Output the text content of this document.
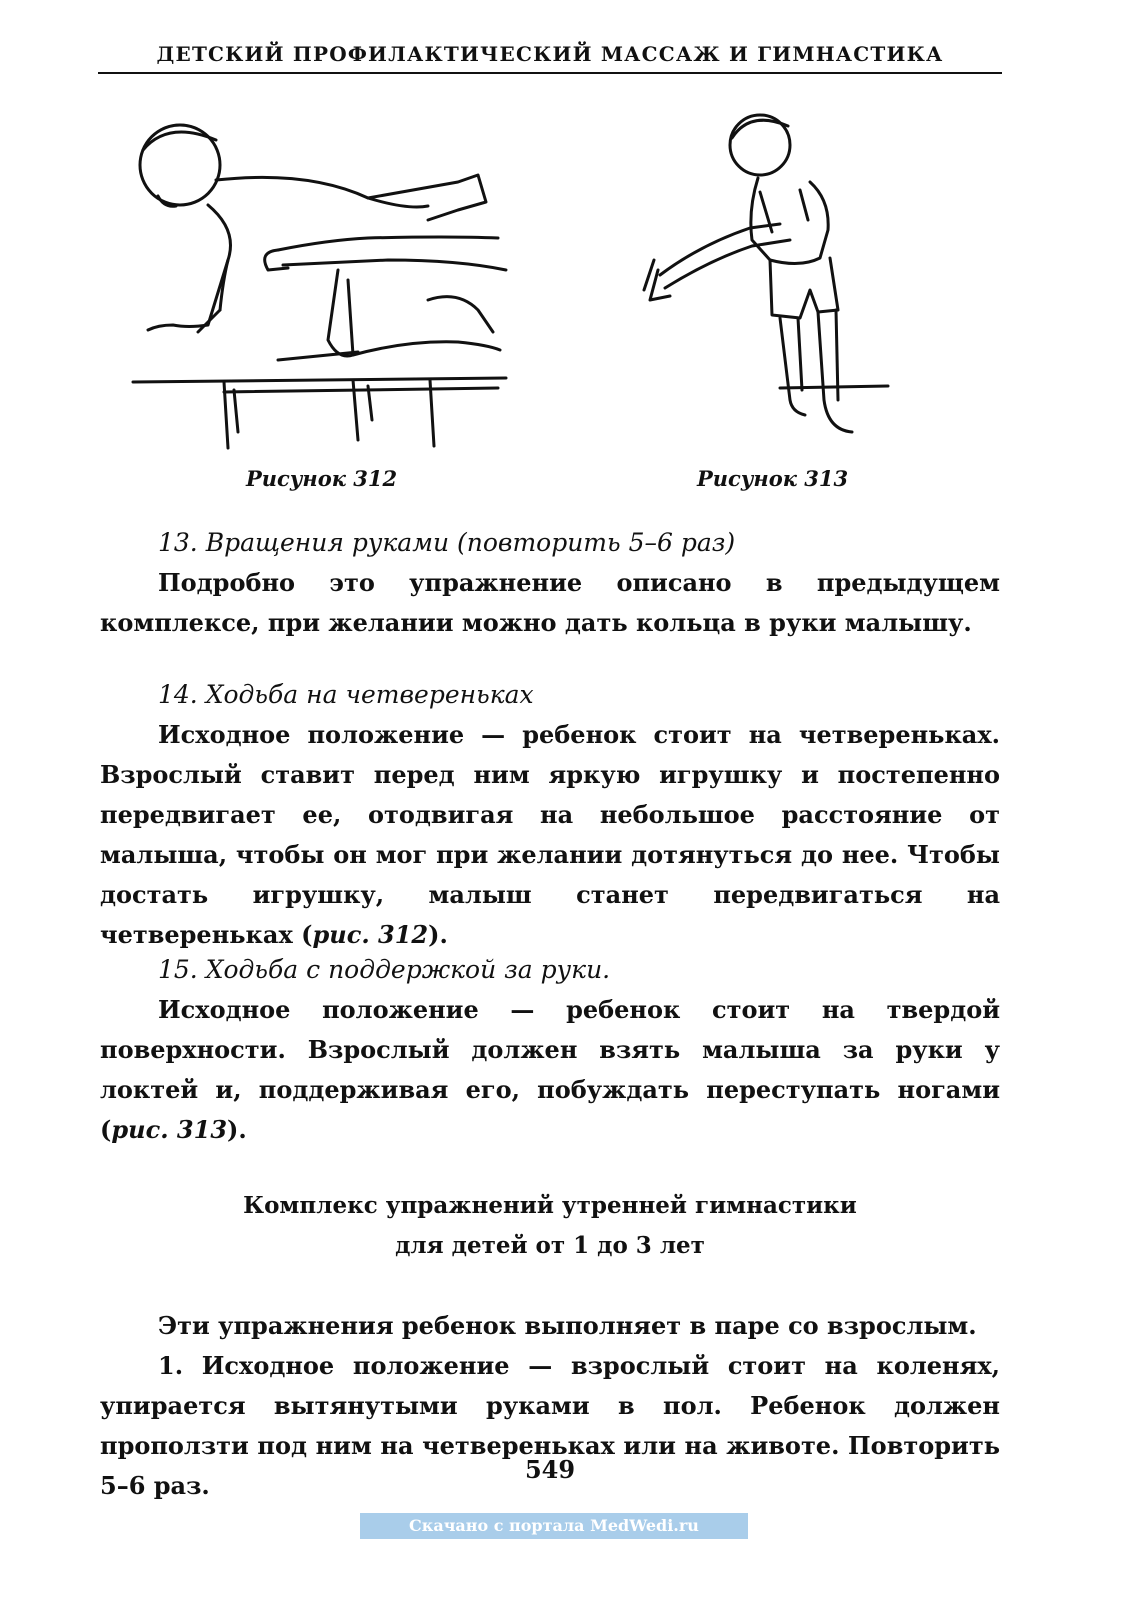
ДЕТСКИЙ ПРОФИЛАКТИЧЕСКИЙ МАССАЖ И ГИМНАСТИКА
Рисунок 312	Рисунок 313
13. Вращения руками (повторить 5–6 раз)
Подробно это упражнение описано в предыдущем комплексе, при желании можно дать кольца в руки малышу.
14. Ходьба на четвереньках
Исходное положение — ребенок стоит на четвереньках. Взрослый ставит перед ним яркую игрушку и постепенно передвигает ее, отодвигая на небольшое расстояние от малыша, чтобы он мог при желании дотянуться до нее. Чтобы достать игрушку, малыш станет передвигаться на четвереньках (рис. 312).
15. Ходьба с поддержкой за руки.
Исходное положение — ребенок стоит на твердой поверхности. Взрослый должен взять малыша за руки у локтей и, поддерживая его, побуждать переступать ногами (рис. 313).
Комплекс упражнений утренней гимнастики
для детей от 1 до 3 лет
Эти упражнения ребенок выполняет в паре со взрослым.
1. Исходное положение — взрослый стоит на коленях, упирается вытянутыми руками в пол. Ребенок должен проползти под ним на четвереньках или на животе. Повторить 5–6 раз.
549
Скачано с портала MedWedi.ru
